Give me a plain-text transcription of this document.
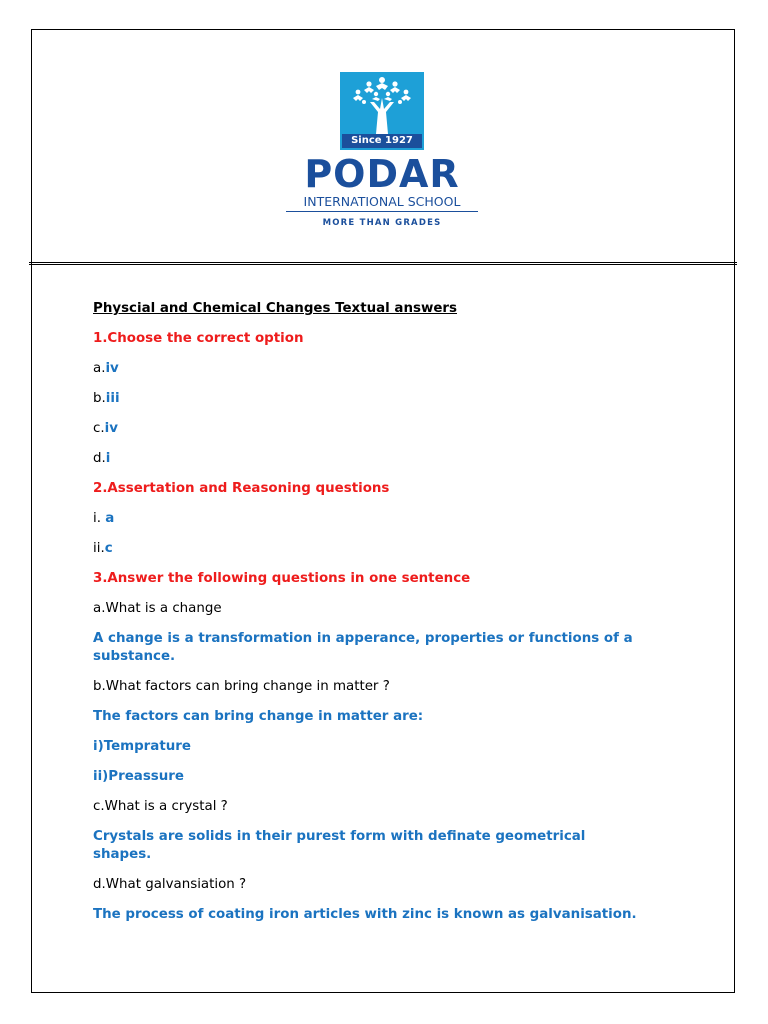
Since 1927
PODAR
INTERNATIONAL SCHOOL
MORE THAN GRADES

Physcial and Chemical Changes Textual answers

1.Choose the correct option

a.iv

b.iii

c.iv

d.i

2.Assertation and Reasoning questions

i. a

ii.c

3.Answer the following questions in one sentence

a.What is a change

A change is a transformation in apperance, properties or functions of a substance.

b.What factors can bring change in matter ?

The factors can bring change in matter are:

i)Temprature

ii)Preassure

c.What is a crystal ?

Crystals are solids in their purest form with definate geometrical shapes.

d.What galvansiation ?

The process of coating iron articles with zinc is known as galvanisation.
